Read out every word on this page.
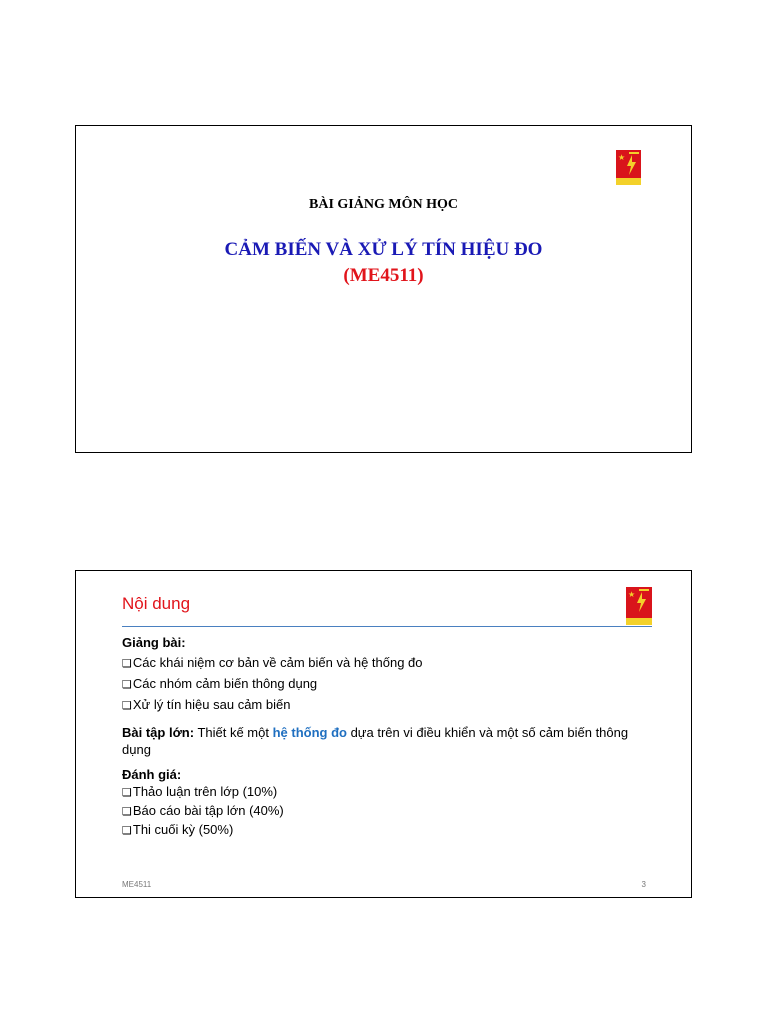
★
BÀI GIẢNG MÔN HỌC
CẢM BIẾN VÀ XỬ LÝ TÍN HIỆU ĐO
(ME4511)
Nội dung	★
Giảng bài:
❑ Các khái niệm cơ bản về cảm biến và hệ thống đo
❑ Các nhóm cảm biến thông dụng
❑ Xử lý tín hiệu sau cảm biến
Bài tập lớn: Thiết kế một hệ thống đo dựa trên vi điều khiển và một số cảm biến thông dụng
Đánh giá:
❑ Thảo luận trên lớp (10%)
❑ Báo cáo bài tập lớn (40%)
❑ Thi cuối kỳ (50%)
ME4511	3
